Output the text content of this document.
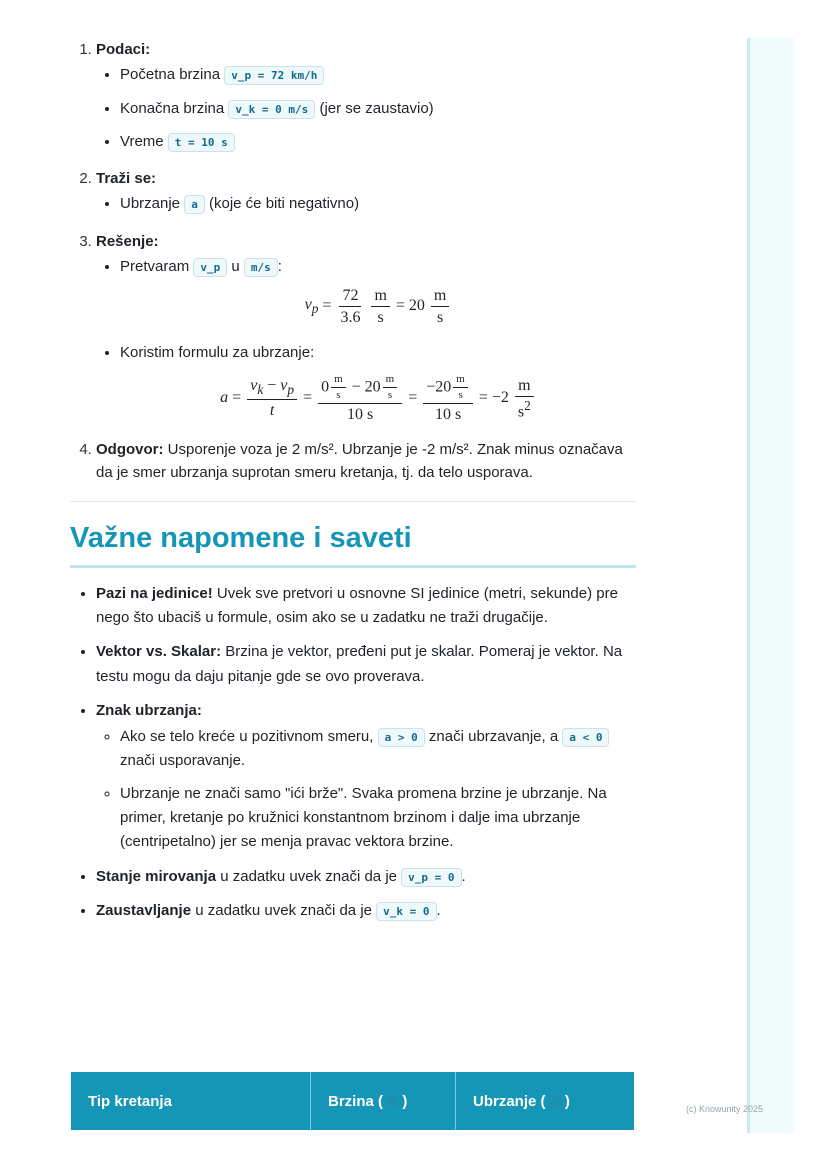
1. Podaci:
• Početna brzina v_p = 72 km/h
• Konačna brzina v_k = 0 m/s (jer se zaustavio)
• Vreme t = 10 s
2. Traži se:
• Ubrzanje a (koje će biti negativno)
3. Rešenje:
• Pretvaram v_p u m/s :
$v_p = \frac{72}{3.6} \frac{m}{s} = 20 \frac{m}{s}$
• Koristim formulu za ubrzanje:
$a = \frac{v_k - v_p}{t} = \frac{0 \frac{m}{s} - 20 \frac{m}{s}}{10 s} = \frac{-20 \frac{m}{s}}{10 s} = -2 \frac{m}{s^2}$
4. Odgovor: Usporenje voza je 2 m/s². Ubrzanje je -2 m/s². Znak minus označava da je smer ubrzanja suprotan smeru kretanja, tj. da telo usporava.
Važne napomene i saveti
• Pazi na jedinice! Uvek sve pretvori u osnovne SI jedinice (metri, sekunde) pre nego što ubaciš u formule, osim ako se u zadatku ne traži drugačije.
• Vektor vs. Skalar: Brzina je vektor, pređeni put je skalar. Pomeraj je vektor. Na testu mogu da daju pitanje gde se ovo proverava.
• Znak ubrzanja:
◦ Ako se telo kreće u pozitivnom smeru, a > 0 znači ubrzavanje, a a < 0 znači usporavanje.
◦ Ubrzanje ne znači samo "ići brže". Svaka promena brzine je ubrzanje. Na primer, kretanje po kružnici konstantnom brzinom i dalje ima ubrzanje (centripetalno) jer se menja pravac vektora brzine.
• Stanje mirovanja u zadatku uvek znači da je v_p = 0 .
• Zaustavljanje u zadatku uvek znači da je v_k = 0 .
Tip kretanja	Brzina ( )	Ubrzanje ( )	(c) Knowunity 2025
